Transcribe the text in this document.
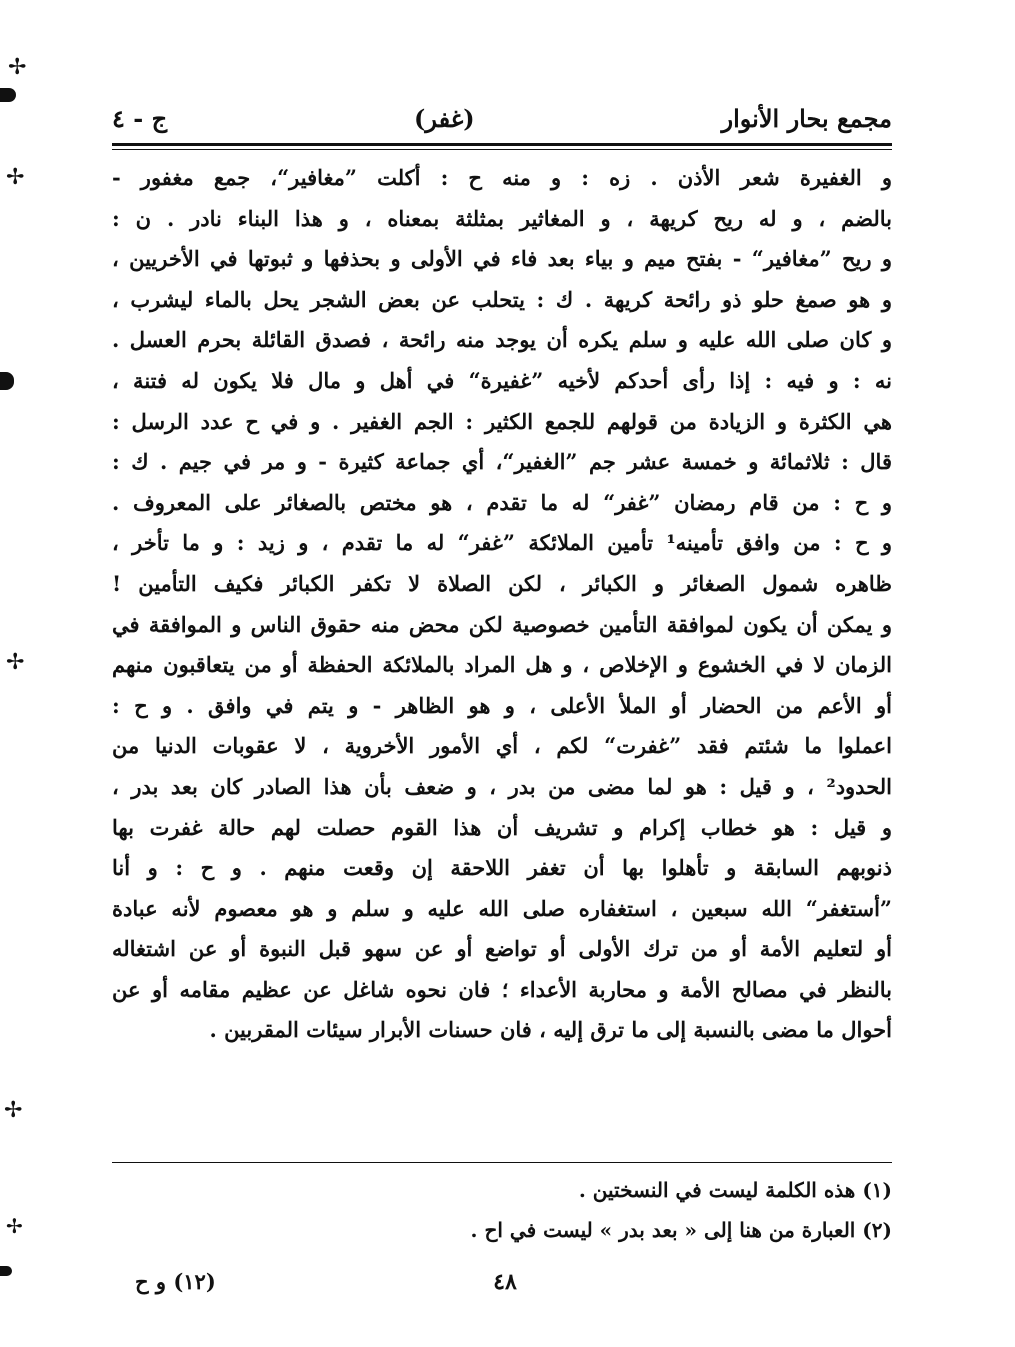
✢
✢
✢
✢
✢
مجمع بحار الأنوار
(غفر)
ج - ٤
و الغفيرة شعر الأذن . زه : و منه ح : أكلت ”مغافير“، جمع مغفور -
بالضم ، و له ريح كريهة ، و المغاثير بمثلثة بمعناه ، و هذا البناء نادر . ن :
و ريح ”مغافير“ - بفتح ميم و بياء بعد فاء في الأولى و بحذفها و ثبوتها في الأخريين ،
و هو صمغ حلو ذو رائحة كريهة . ك : يتحلب عن بعض الشجر يحل بالماء ليشرب ،
و كان صلى الله عليه و سلم يكره أن يوجد منه رائحة ، فصدق القائلة بحرم العسل .
نه : و فيه : إذا رأى أحدكم لأخيه ”غفيرة“ في أهل و مال فلا يكون له فتنة ،
هي الكثرة و الزيادة من قولهم للجمع الكثير : الجم الغفير . و في ح عدد الرسل :
قال : ثلاثمائة و خمسة عشر جم ”الغفير“، أي جماعة كثيرة - و مر في جيم . ك :
و ح : من قام رمضان ”غفر“ له ما تقدم ، هو مختص بالصغائر على المعروف .
و ح : من وافق تأمينه¹ تأمين الملائكة ”غفر“ له ما تقدم ، و زيد : و ما تأخر ،
ظاهره شمول الصغائر و الكبائر ، لكن الصلاة لا تكفر الكبائر فكيف التأمين !
و يمكن أن يكون لموافقة التأمين خصوصية لكن محض منه حقوق الناس و الموافقة في
الزمان لا في الخشوع و الإخلاص ، و هل المراد بالملائكة الحفظة أو من يتعاقبون منهم
أو الأعم من الحضار أو الملأ الأعلى ، و هو الظاهر - و يتم في وافق . و ح :
اعملوا ما شئتم فقد ”غفرت“ لكم ، أي الأمور الأخروية ، لا عقوبات الدنيا من
الحدود² ، و قيل : هو لما مضى من بدر ، و ضعف بأن هذا الصادر كان بعد بدر ،
و قيل : هو خطاب إكرام و تشريف أن هذا القوم حصلت لهم حالة غفرت بها
ذنوبهم السابقة و تأهلوا بها أن تغفر اللاحقة إن وقعت منهم . و ح : و أنا
”أستغفر“ الله سبعين ، استغفاره صلى الله عليه و سلم و هو معصوم لأنه عبادة
أو لتعليم الأمة أو من ترك الأولى أو تواضع أو عن سهو قبل النبوة أو عن اشتغاله
بالنظر في مصالح الأمة و محاربة الأعداء ؛ فان نحوه شاغل عن عظيم مقامه أو عن
أحوال ما مضى بالنسبة إلى ما ترق إليه ، فان حسنات الأبرار سيئات المقربين .
(١) هذه الكلمة ليست في النسختين .
(٢) العبارة من هنا إلى « بعد بدر » ليست في اح .
(١٢) و ح	٤٨
